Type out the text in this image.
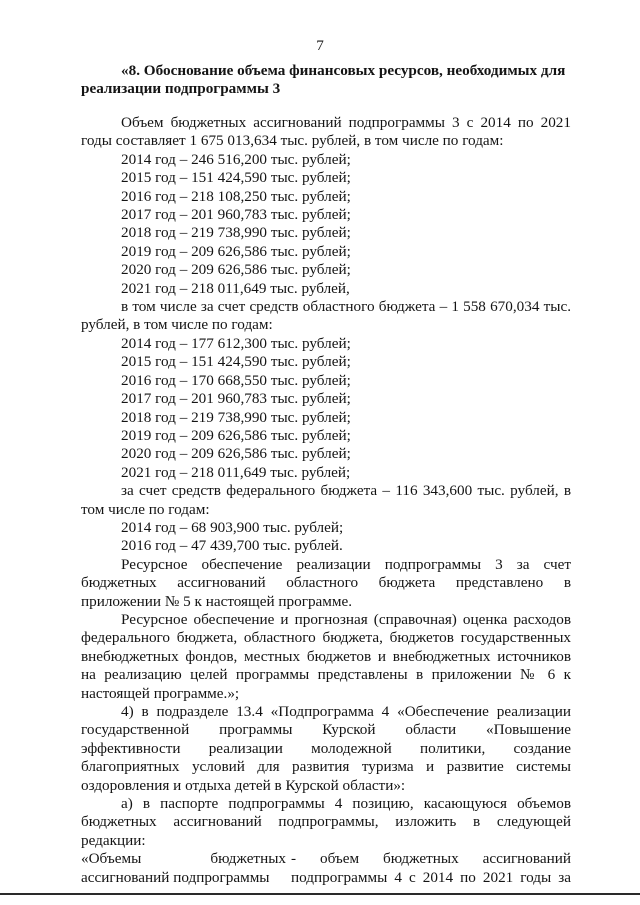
7
«8. Обоснование объема финансовых ресурсов, необходимых для
реализации подпрограммы 3

Объем бюджетных ассигнований подпрограммы 3 с 2014 по 2021

годы составляет 1 675 013,634 тыс. рублей, в том числе по годам:

2014 год – 246 516,200 тыс. рублей;
2015 год – 151 424,590 тыс. рублей;
2016 год – 218 108,250 тыс. рублей;
2017 год – 201 960,783 тыс. рублей;
2018 год – 219 738,990 тыс. рублей;
2019 год – 209 626,586 тыс. рублей;
2020 год – 209 626,586 тыс. рублей;
2021 год – 218 011,649 тыс. рублей,

в том числе за счет средств областного бюджета – 1 558 670,034 тыс.

рублей, в том числе по годам:

2014 год – 177 612,300 тыс. рублей;
2015 год – 151 424,590 тыс. рублей;
2016 год – 170 668,550 тыс. рублей;
2017 год – 201 960,783 тыс. рублей;
2018 год – 219 738,990 тыс. рублей;
2019 год – 209 626,586 тыс. рублей;
2020 год – 209 626,586 тыс. рублей;
2021 год – 218 011,649 тыс. рублей;

за счет средств федерального бюджета – 116 343,600 тыс. рублей, в

том числе по годам:

2014 год – 68 903,900 тыс. рублей;
2016 год – 47 439,700 тыс. рублей.

Ресурсное обеспечение реализации подпрограммы 3 за счет

бюджетных ассигнований областного бюджета представлено в

приложении № 5 к настоящей программе.

Ресурсное обеспечение и прогнозная (справочная) оценка расходов

федерального бюджета, областного бюджета, бюджетов государственных

внебюджетных фондов, местных бюджетов и внебюджетных источников

на реализацию целей программы представлены в приложении № 6 к

настоящей программе.»;

4) в подразделе 13.4 «Подпрограмма 4 «Обеспечение реализации

государственной программы Курской области «Повышение

эффективности реализации молодежной политики, создание

благоприятных условий для развития туризма и развитие системы

оздоровления и отдыха детей в Курской области»:

а) в паспорте подпрограммы 4 позицию, касающуюся объемов

бюджетных ассигнований подпрограммы, изложить в следующей

редакции:

«Объемы бюджетных
ассигнований подпрограммы
- объем бюджетных ассигнований
подпрограммы 4 с 2014 по 2021 годы за
